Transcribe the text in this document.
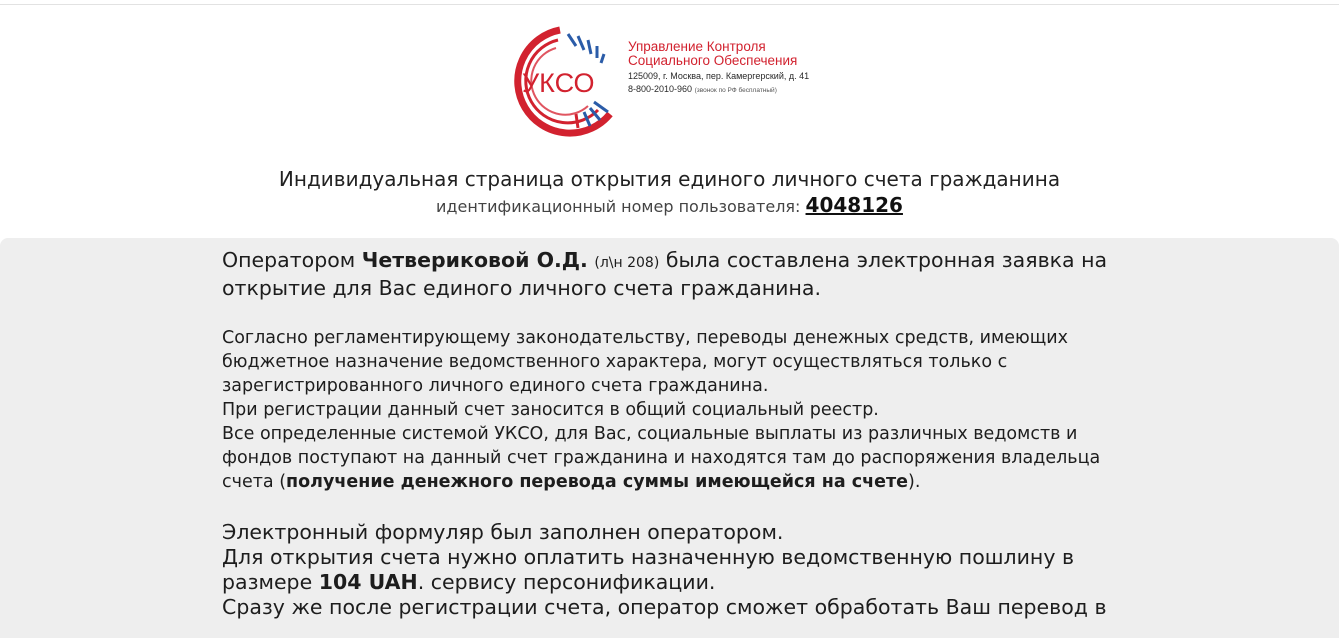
УКСО
Управление Контроля
Социального Обеспечения
125009, г. Москва, пер. Камергерский, д. 41
8-800-2010-960 (звонок по РФ бесплатный)
Индивидуальная страница открытия единого личного счета гражданина
идентификационный номер пользователя: 4048126

Оператором Четвериковой О.Д. (л\н 208) была составлена электронная заявка на открытие для Вас единого личного счета гражданина.

Согласно регламентирующему законодательству, переводы денежных средств, имеющих бюджетное назначение ведомственного характера, могут осуществляться только с зарегистрированного личного единого счета гражданина.
При регистрации данный счет заносится в общий социальный реестр.
Все определенные системой УКСО, для Вас, социальные выплаты из различных ведомств и фондов поступают на данный счет гражданина и находятся там до распоряжения владельца счета (получение денежного перевода суммы имеющейся на счете).

Электронный формуляр был заполнен оператором.
Для открытия счета нужно оплатить назначенную ведомственную пошлину в размере 104 UAH. сервису персонификации.
Сразу же после регистрации счета, оператор сможет обработать Ваш перевод в
